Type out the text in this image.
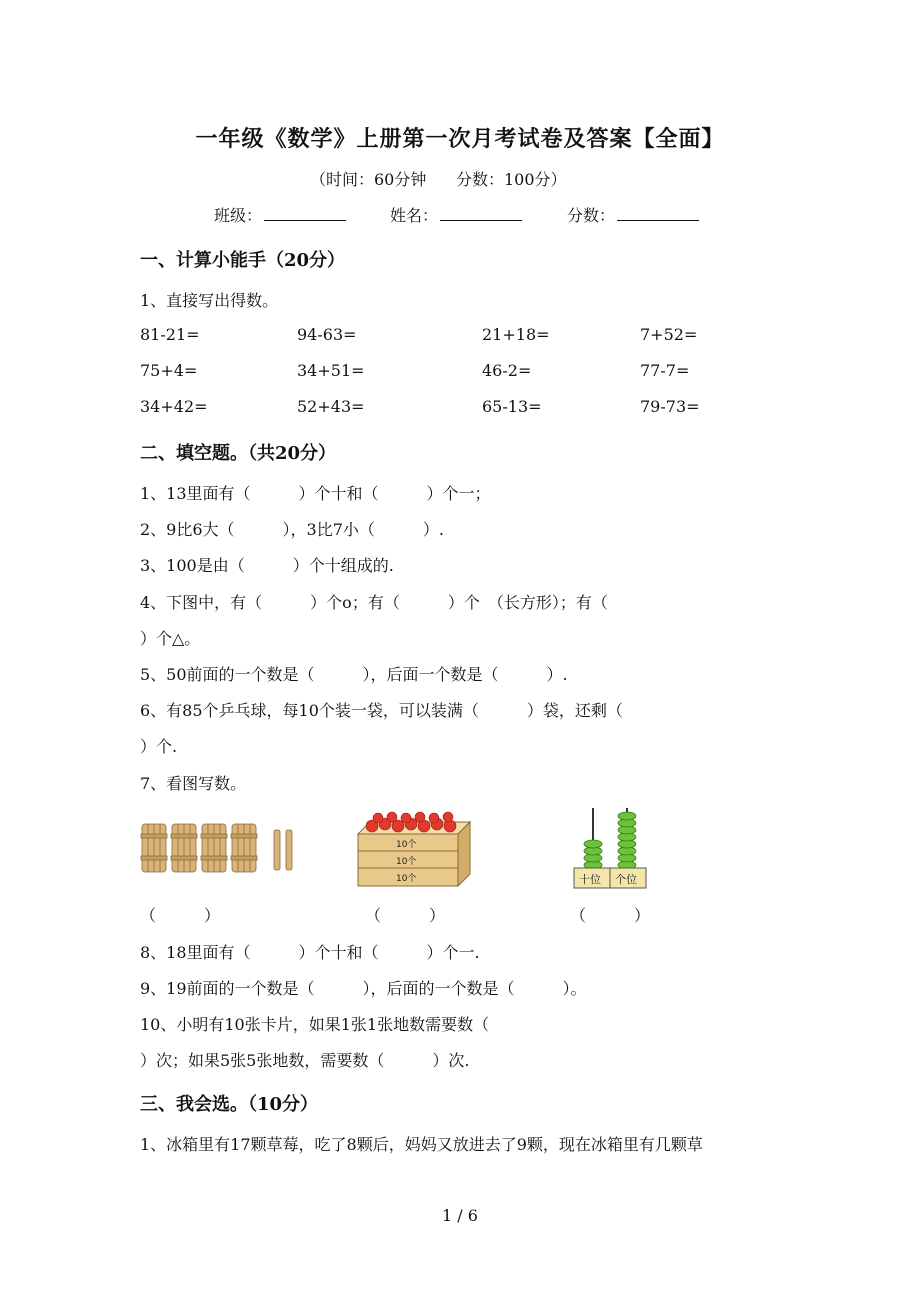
一年级《数学》上册第一次月考试卷及答案【全面】
（时间：60分钟 分数：100分）
班级：	姓名：	分数：
一、计算小能手（20分）
1、直接写出得数。
81-21=	94-63=	21+18=	7+52=
75+4=	34+51=	46-2=	77-7=
34+42=	52+43=	65-13=	79-73=
二、填空题。（共20分）
1、13里面有（　　　）个十和（　　　）个一；
2、9比6大（　　　），3比7小（　　　）.
3、100是由（　　　）个十组成的.
4、下图中，有（　　　）个o；有（　　　）个　（长方形）；有（
）个△。
5、50前面的一个数是（　　　），后面一个数是（　　　）.
6、有85个乒乓球，每10个装一袋，可以装满（　　　）袋，还剩（
）个.
7、看图写数。
10个
10个
10个	十位 个位
（　　　）	（　　　）	（　　　）
8、18里面有（　　　）个十和（　　　）个一.
9、19前面的一个数是（　　　），后面的一个数是（　　　）。
10、小明有10张卡片，如果1张1张地数需要数（
）次；如果5张5张地数，需要数（　　　）次.
三、我会选。（10分）
1、冰箱里有17颗草莓，吃了8颗后，妈妈又放进去了9颗，现在冰箱里有几颗草
1 / 6
